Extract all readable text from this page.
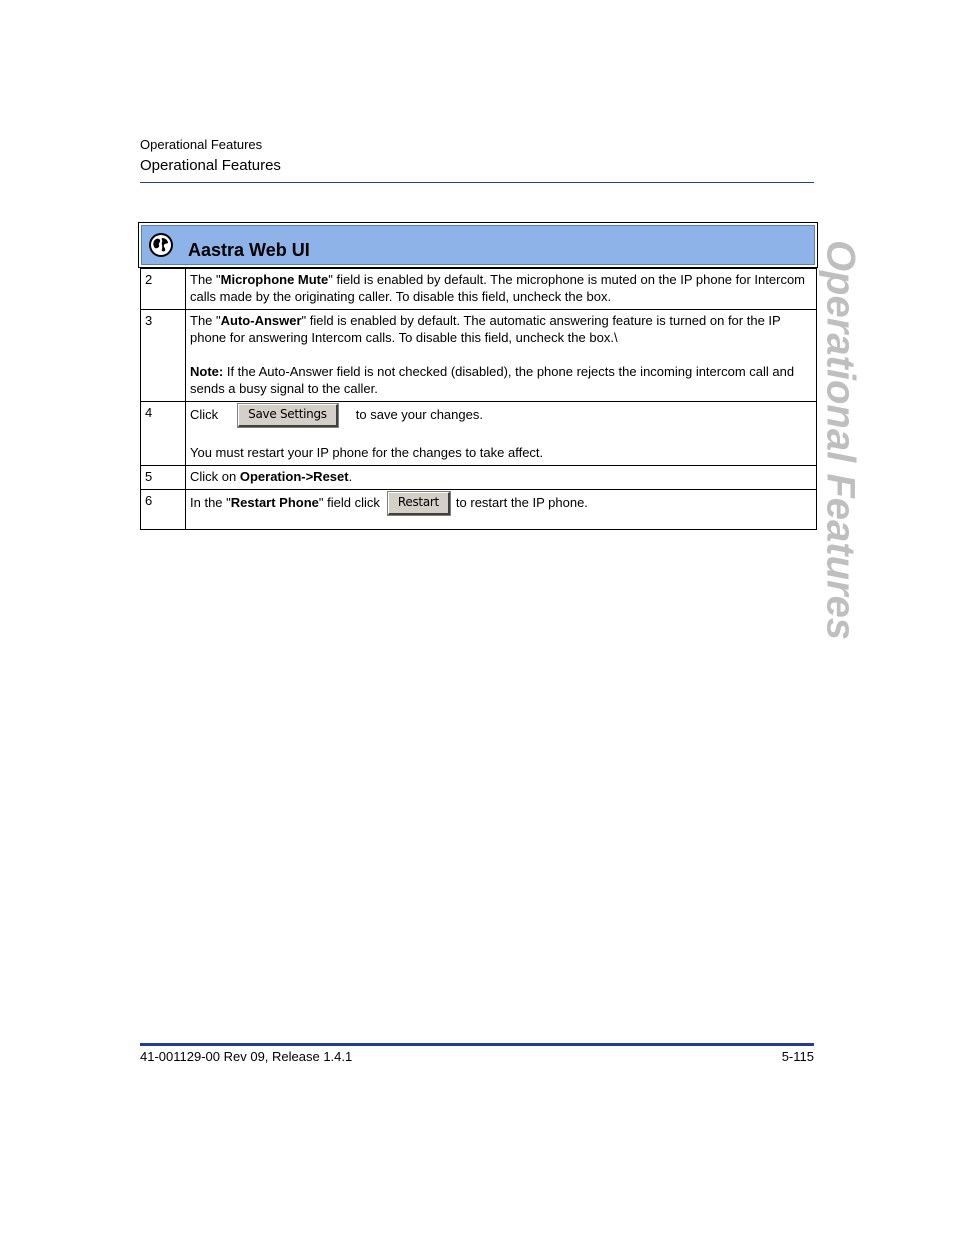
Operational Features
Operational Features
Operational Features
Aastra Web UI
2	The "Microphone Mute" field is enabled by default. The microphone is muted on the IP phone for Intercom calls made by the originating caller. To disable this field, uncheck the box.
3	The "Auto-Answer" field is enabled by default. The automatic answering feature is turned on for the IP phone for answering Intercom calls. To disable this field, uncheck the box.\
Note: If the Auto-Answer field is not checked (disabled), the phone rejects the incoming intercom call and sends a busy signal to the caller.
4	Click Save Settings to save your changes.
You must restart your IP phone for the changes to take affect.
5	Click on Operation->Reset.
6	In the "Restart Phone" field click Restart to restart the IP phone.
41-001129-00 Rev 09, Release 1.4.1	5-115
